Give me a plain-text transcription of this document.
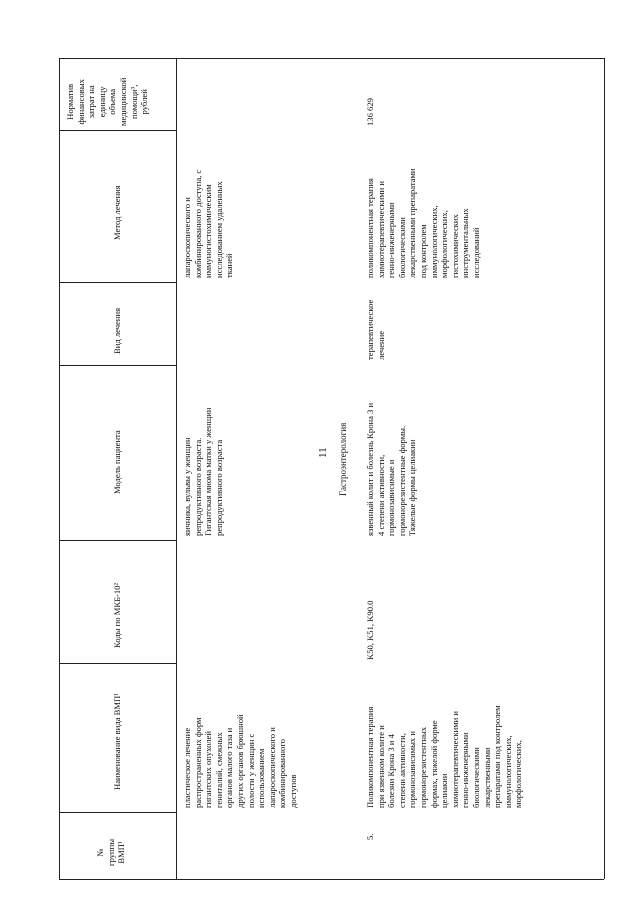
11
№
группы
ВМП¹
Наименование вида ВМП¹
Коды по МКБ-10²
Модель пациента
Вид лечения
Метод лечения
Норматив
финансовых
затрат на
единицу
объема
медицинской
помощи³,
рублей
пластическое лечение
распространенных форм
гигантских опухолей
гениталий, смежных
органов малого таза и
других органов брюшной
полости у женщин с
использованием
лапароскопического и
комбинированного
доступов
яичника, вульвы у женщин
репродуктивного возраста.
Гигантская миома матки у женщин
репродуктивного возраста
лапароскопического и
комбинированного доступа, с
иммуногистохимическим
исследованием удаленных
тканей
Гастроэнтерология
5.
Поликомпонентная терапия
при язвенном колите и
болезни Крона 3 и 4
степени активности,
гормонозависимых и
гормонорезистентных
формах, тяжелой форме
целиакии
химиотерапевтическими и
генно-инженерными
биологическими
лекарственными
препаратами под контролем
иммунологических,
морфологических,
K50, K51, K90.0
язвенный колит и болезнь Крона 3 и
4 степени активности,
гормонозависимые и
гормонорезистентные формы.
Тяжелые формы целиакии
терапевтическое
лечение
поликомпонентная терапия
химиотерапевтическими и
генно-инженерными
биологическими
лекарственными препаратами
под контролем
иммунологических,
морфологических,
гистохимических
инструментальных
исследований
136 629
